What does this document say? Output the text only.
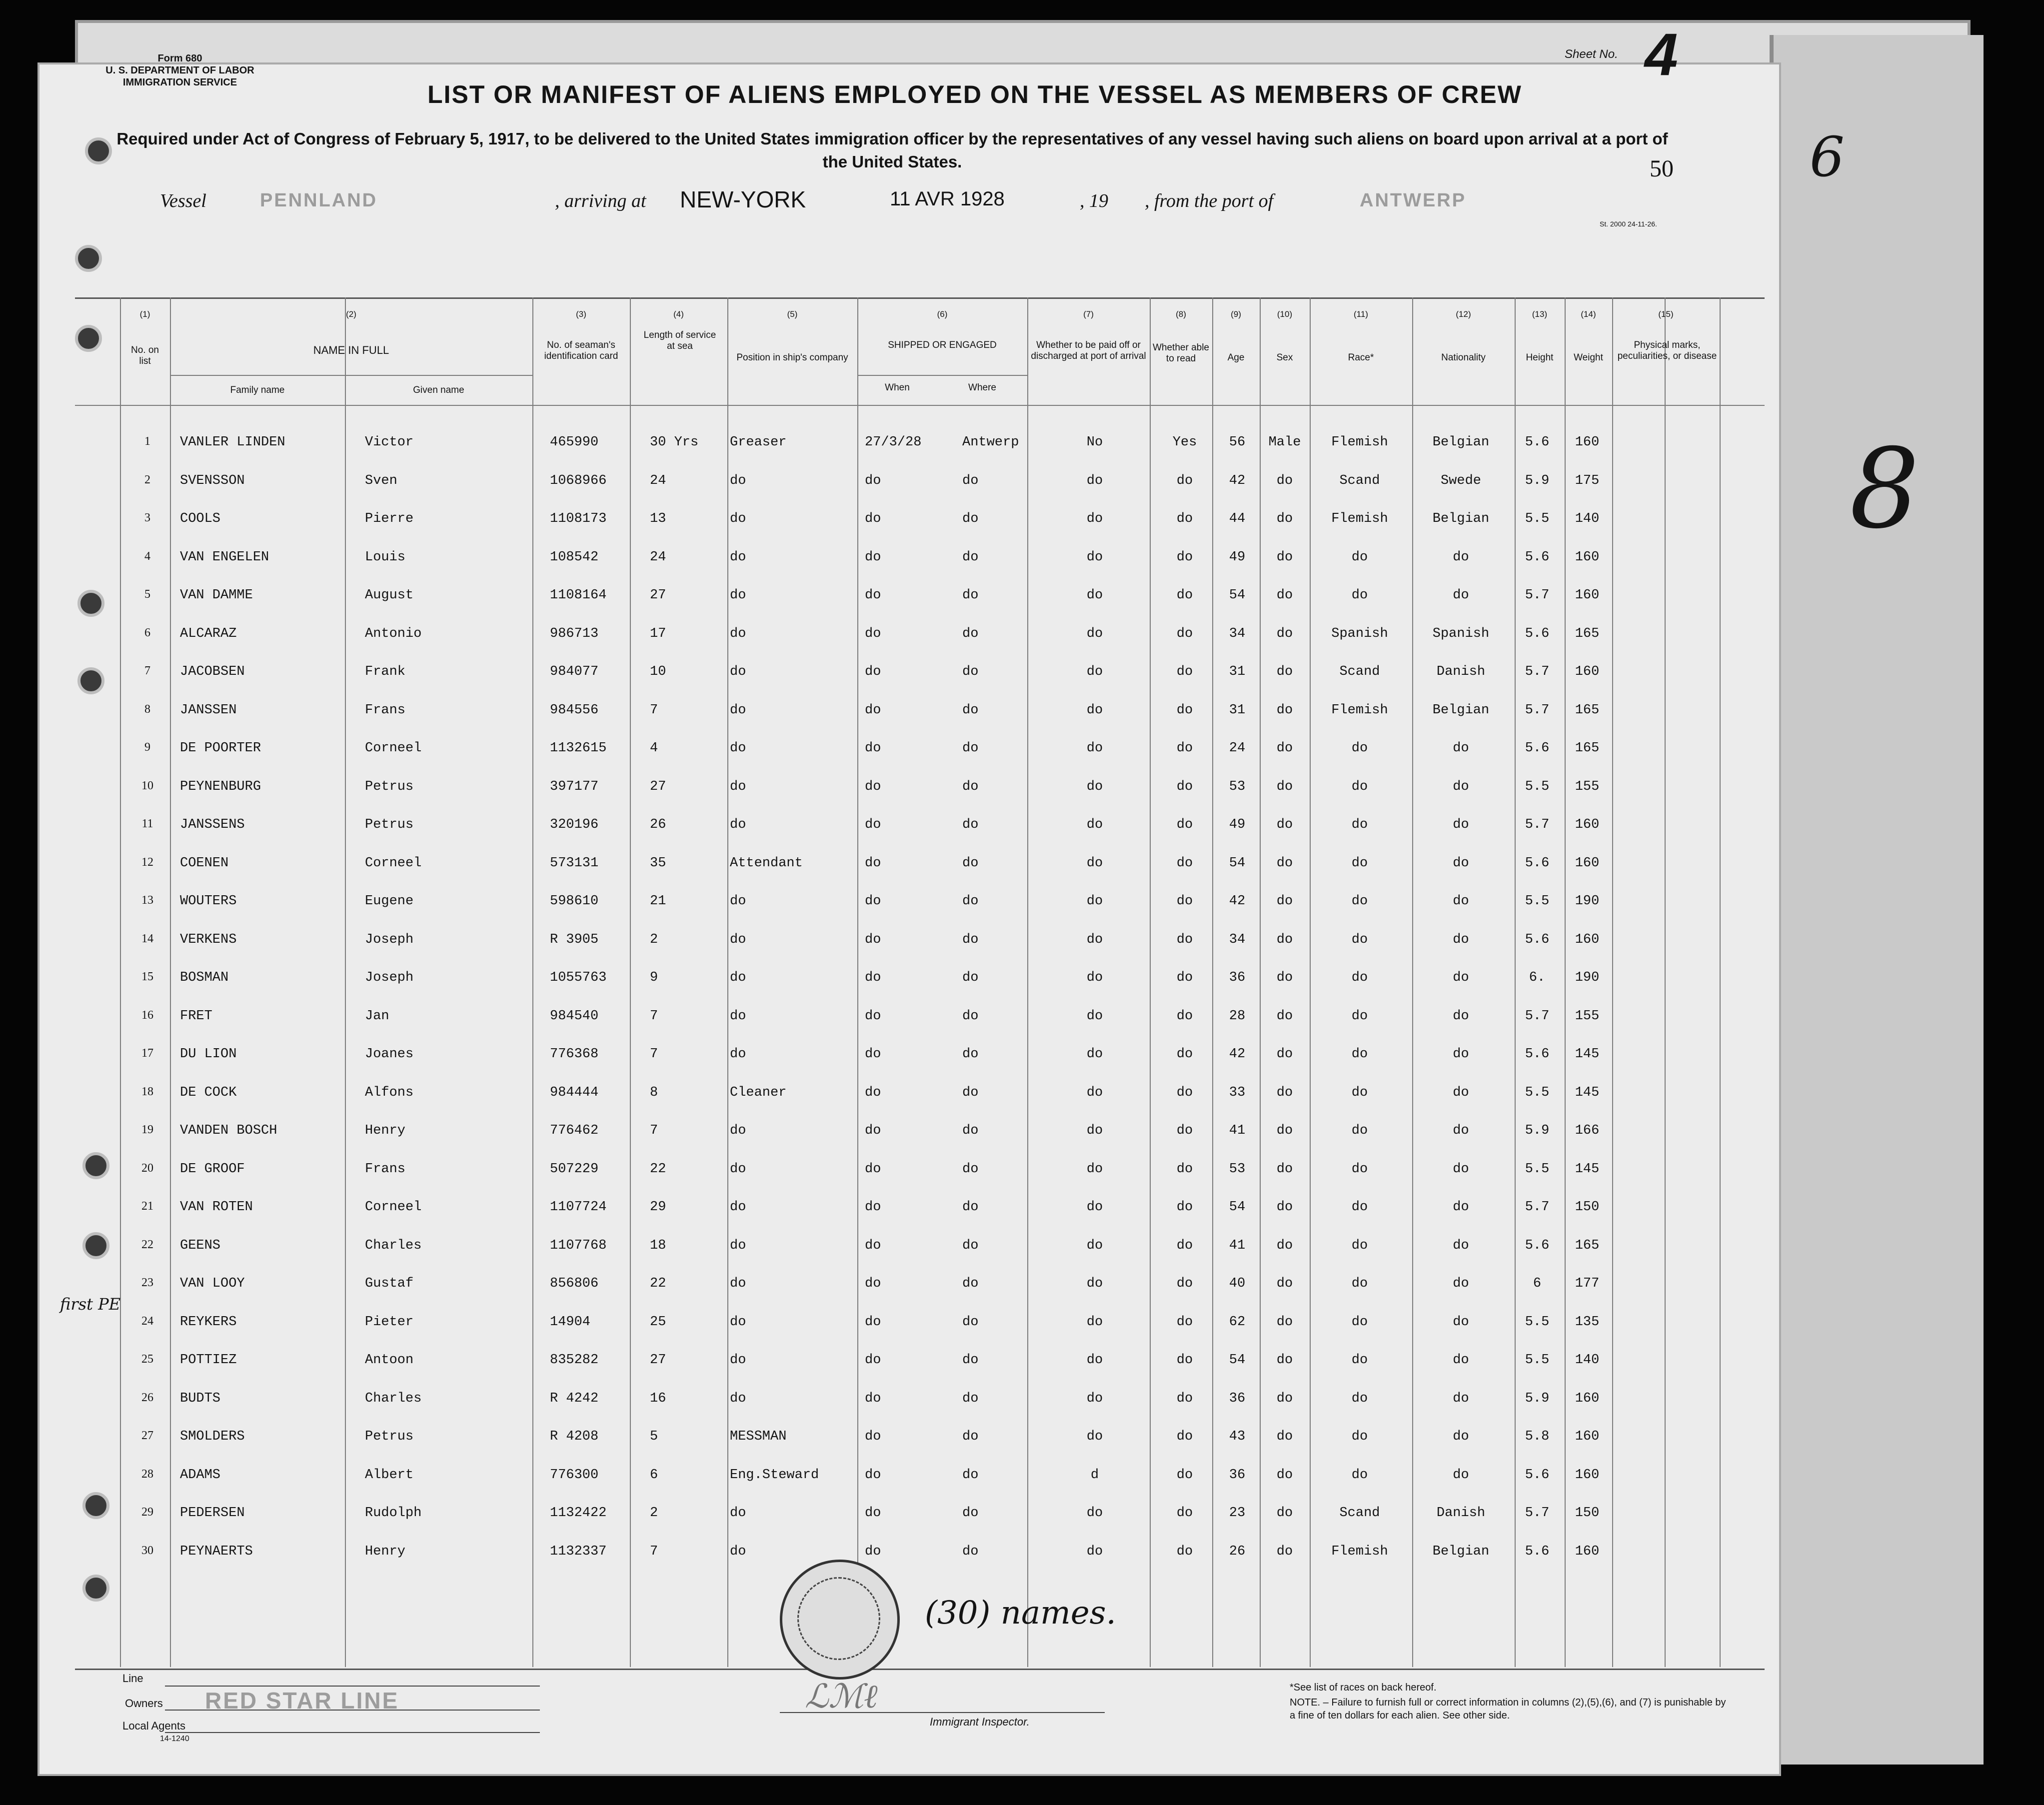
6
8
Form 680
U. S. DEPARTMENT OF LABOR
IMMIGRATION SERVICE
Sheet No. 4
LIST OR MANIFEST OF ALIENS EMPLOYED ON THE VESSEL AS MEMBERS OF CREW
Required under Act of Congress of February 5, 1917, to be delivered to the United States immigration officer by the representatives of any vessel having such aliens on board upon arrival at a port of the United States.	50
Vessel	PENNLAND	, arriving at NEW-YORK	11 AVR 1928	, 19 , from the port of	ANTWERP
St. 2000 24-11-26.
(1)	(2)	(3)	(4)	(5)	(6)	(7)	(8)	(9)	(10)	(11)	(12)	(13)	(14)	(15)
No. on list
NAME IN FULL
Family name	Given name
No. of seaman's identification card
Length of service at sea
Position in ship's company
SHIPPED OR ENGAGED
When	Where
Whether to be paid off or discharged at port of arrival
Whether able to read	Age	Sex	Race*	Nationality	Height	Weight
Physical marks, peculiarities, or disease
1	VANLER LINDEN	Victor	465990	30 Yrs	Greaser	27/3/28	Antwerp	No	Yes	56	Male	Flemish	Belgian	5.6	160
2	SVENSSON	Sven	1068966	24	do	do	do	do	do	42	do	Scand	Swede	5.9	175
3	COOLS	Pierre	1108173	13	do	do	do	do	do	44	do	Flemish	Belgian	5.5	140
4	VAN ENGELEN	Louis	108542	24	do	do	do	do	do	49	do	do	do	5.6	160
5	VAN DAMME	August	1108164	27	do	do	do	do	do	54	do	do	do	5.7	160
6	ALCARAZ	Antonio	986713	17	do	do	do	do	do	34	do	Spanish	Spanish	5.6	165
7	JACOBSEN	Frank	984077	10	do	do	do	do	do	31	do	Scand	Danish	5.7	160
8	JANSSEN	Frans	984556	7	do	do	do	do	do	31	do	Flemish	Belgian	5.7	165
9	DE POORTER	Corneel	1132615	4	do	do	do	do	do	24	do	do	do	5.6	165
10	PEYNENBURG	Petrus	397177	27	do	do	do	do	do	53	do	do	do	5.5	155
11	JANSSENS	Petrus	320196	26	do	do	do	do	do	49	do	do	do	5.7	160
12	COENEN	Corneel	573131	35	Attendant	do	do	do	do	54	do	do	do	5.6	160
13	WOUTERS	Eugene	598610	21	do	do	do	do	do	42	do	do	do	5.5	190
14	VERKENS	Joseph	R 3905	2	do	do	do	do	do	34	do	do	do	5.6	160
15	BOSMAN	Joseph	1055763	9	do	do	do	do	do	36	do	do	do	6.	190
16	FRET	Jan	984540	7	do	do	do	do	do	28	do	do	do	5.7	155
17	DU LION	Joanes	776368	7	do	do	do	do	do	42	do	do	do	5.6	145
18	DE COCK	Alfons	984444	8	Cleaner	do	do	do	do	33	do	do	do	5.5	145
19	VANDEN BOSCH	Henry	776462	7	do	do	do	do	do	41	do	do	do	5.9	166
20	DE GROOF	Frans	507229	22	do	do	do	do	do	53	do	do	do	5.5	145
21	VAN ROTEN	Corneel	1107724	29	do	do	do	do	do	54	do	do	do	5.7	150
22	GEENS	Charles	1107768	18	do	do	do	do	do	41	do	do	do	5.6	165
23	VAN LOOY	Gustaf	856806	22	do	do	do	do	do	40	do	do	do	6	177
24	REYKERS	Pieter	14904	25	do	do	do	do	do	62	do	do	do	5.5	135
25	POTTIEZ	Antoon	835282	27	do	do	do	do	do	54	do	do	do	5.5	140
26	BUDTS	Charles	R 4242	16	do	do	do	do	do	36	do	do	do	5.9	160
27	SMOLDERS	Petrus	R 4208	5	MESSMAN	do	do	do	do	43	do	do	do	5.8	160
28	ADAMS	Albert	776300	6	Eng.Steward	do	do	d	do	36	do	do	do	5.6	160
29	PEDERSEN	Rudolph	1132422	2	do	do	do	do	do	23	do	Scand	Danish	5.7	150
30	PEYNAERTS	Henry	1132337	7	do	do	do	do	do	26	do	Flemish	Belgian	5.6	160
(30) names.
first PE
Line
Owners RED STAR LINE
Local Agents
14-1240
ℒℳℓ
Immigrant Inspector.
*See list of races on back hereof.
NOTE. – Failure to furnish full or correct information in columns (2),(5),(6), and (7) is punishable by a fine of ten dollars for each alien. See other side.
